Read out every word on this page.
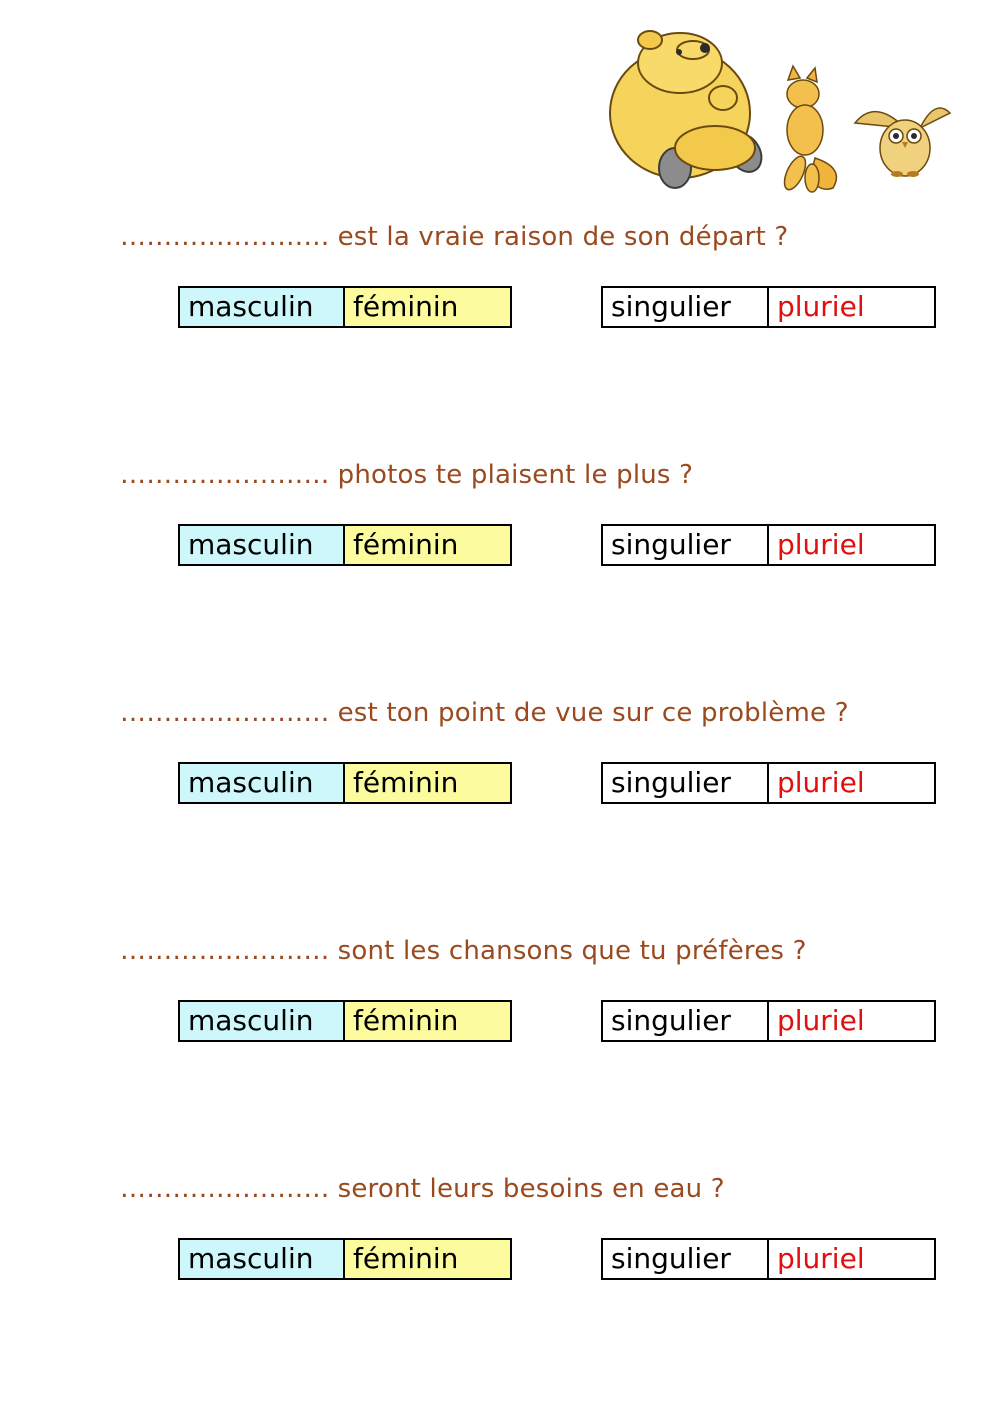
…………………… est la vraie raison de son départ ?
masculin	féminin	singulier	pluriel
…………………… photos te plaisent le plus ?
masculin	féminin	singulier	pluriel
…………………… est ton point de vue sur ce problème ?
masculin	féminin	singulier	pluriel
…………………… sont les chansons que tu préfères ?
masculin	féminin	singulier	pluriel
…………………… seront leurs besoins en eau ?
masculin	féminin	singulier	pluriel
